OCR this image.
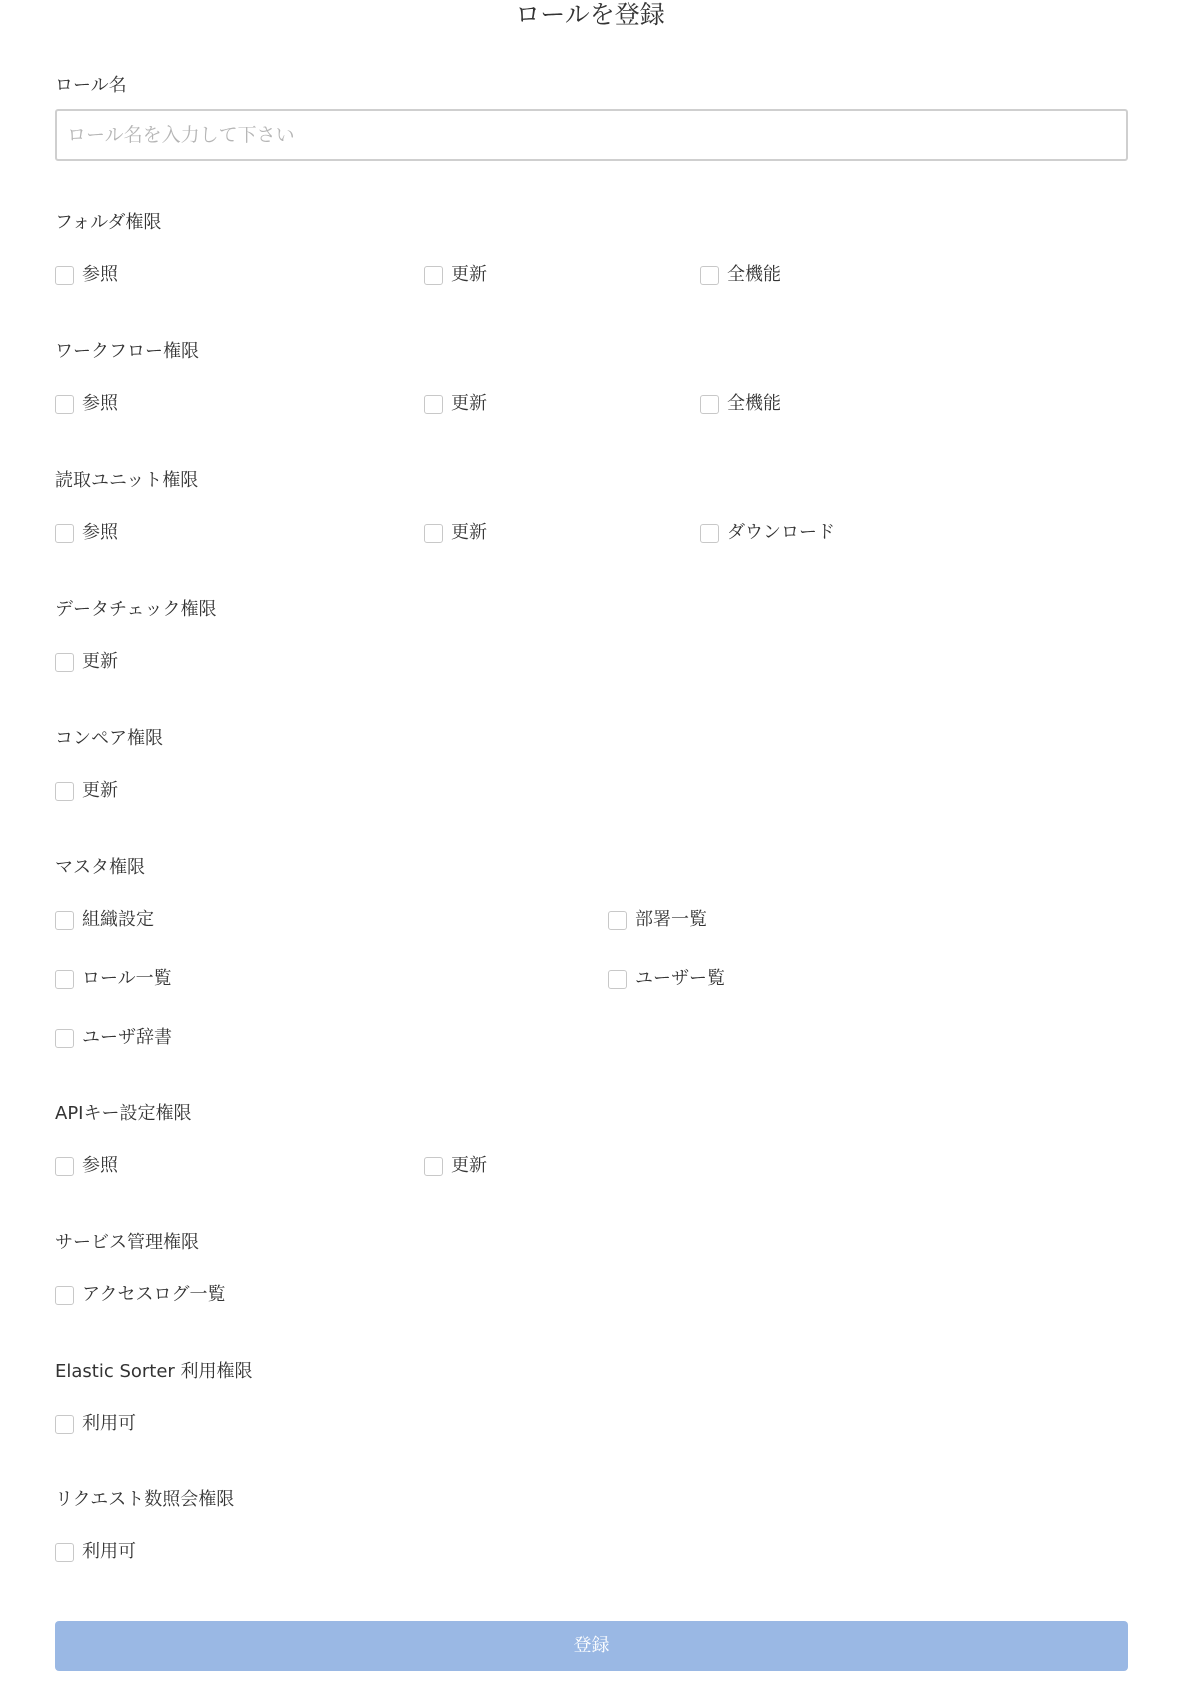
ロールを登録
ロール名
ロール名を入力して下さい
フォルダ権限
参照	更新	全機能
ワークフロー権限
参照	更新	全機能
読取ユニット権限
参照	更新	ダウンロード
データチェック権限
更新
コンペア権限
更新
マスタ権限
組織設定	部署一覧
ロール一覧	ユーザー覧
ユーザ辞書
APIキー設定権限
参照	更新
サービス管理権限
アクセスログ一覧
Elastic Sorter 利用権限
利用可
リクエスト数照会権限
利用可
登録
